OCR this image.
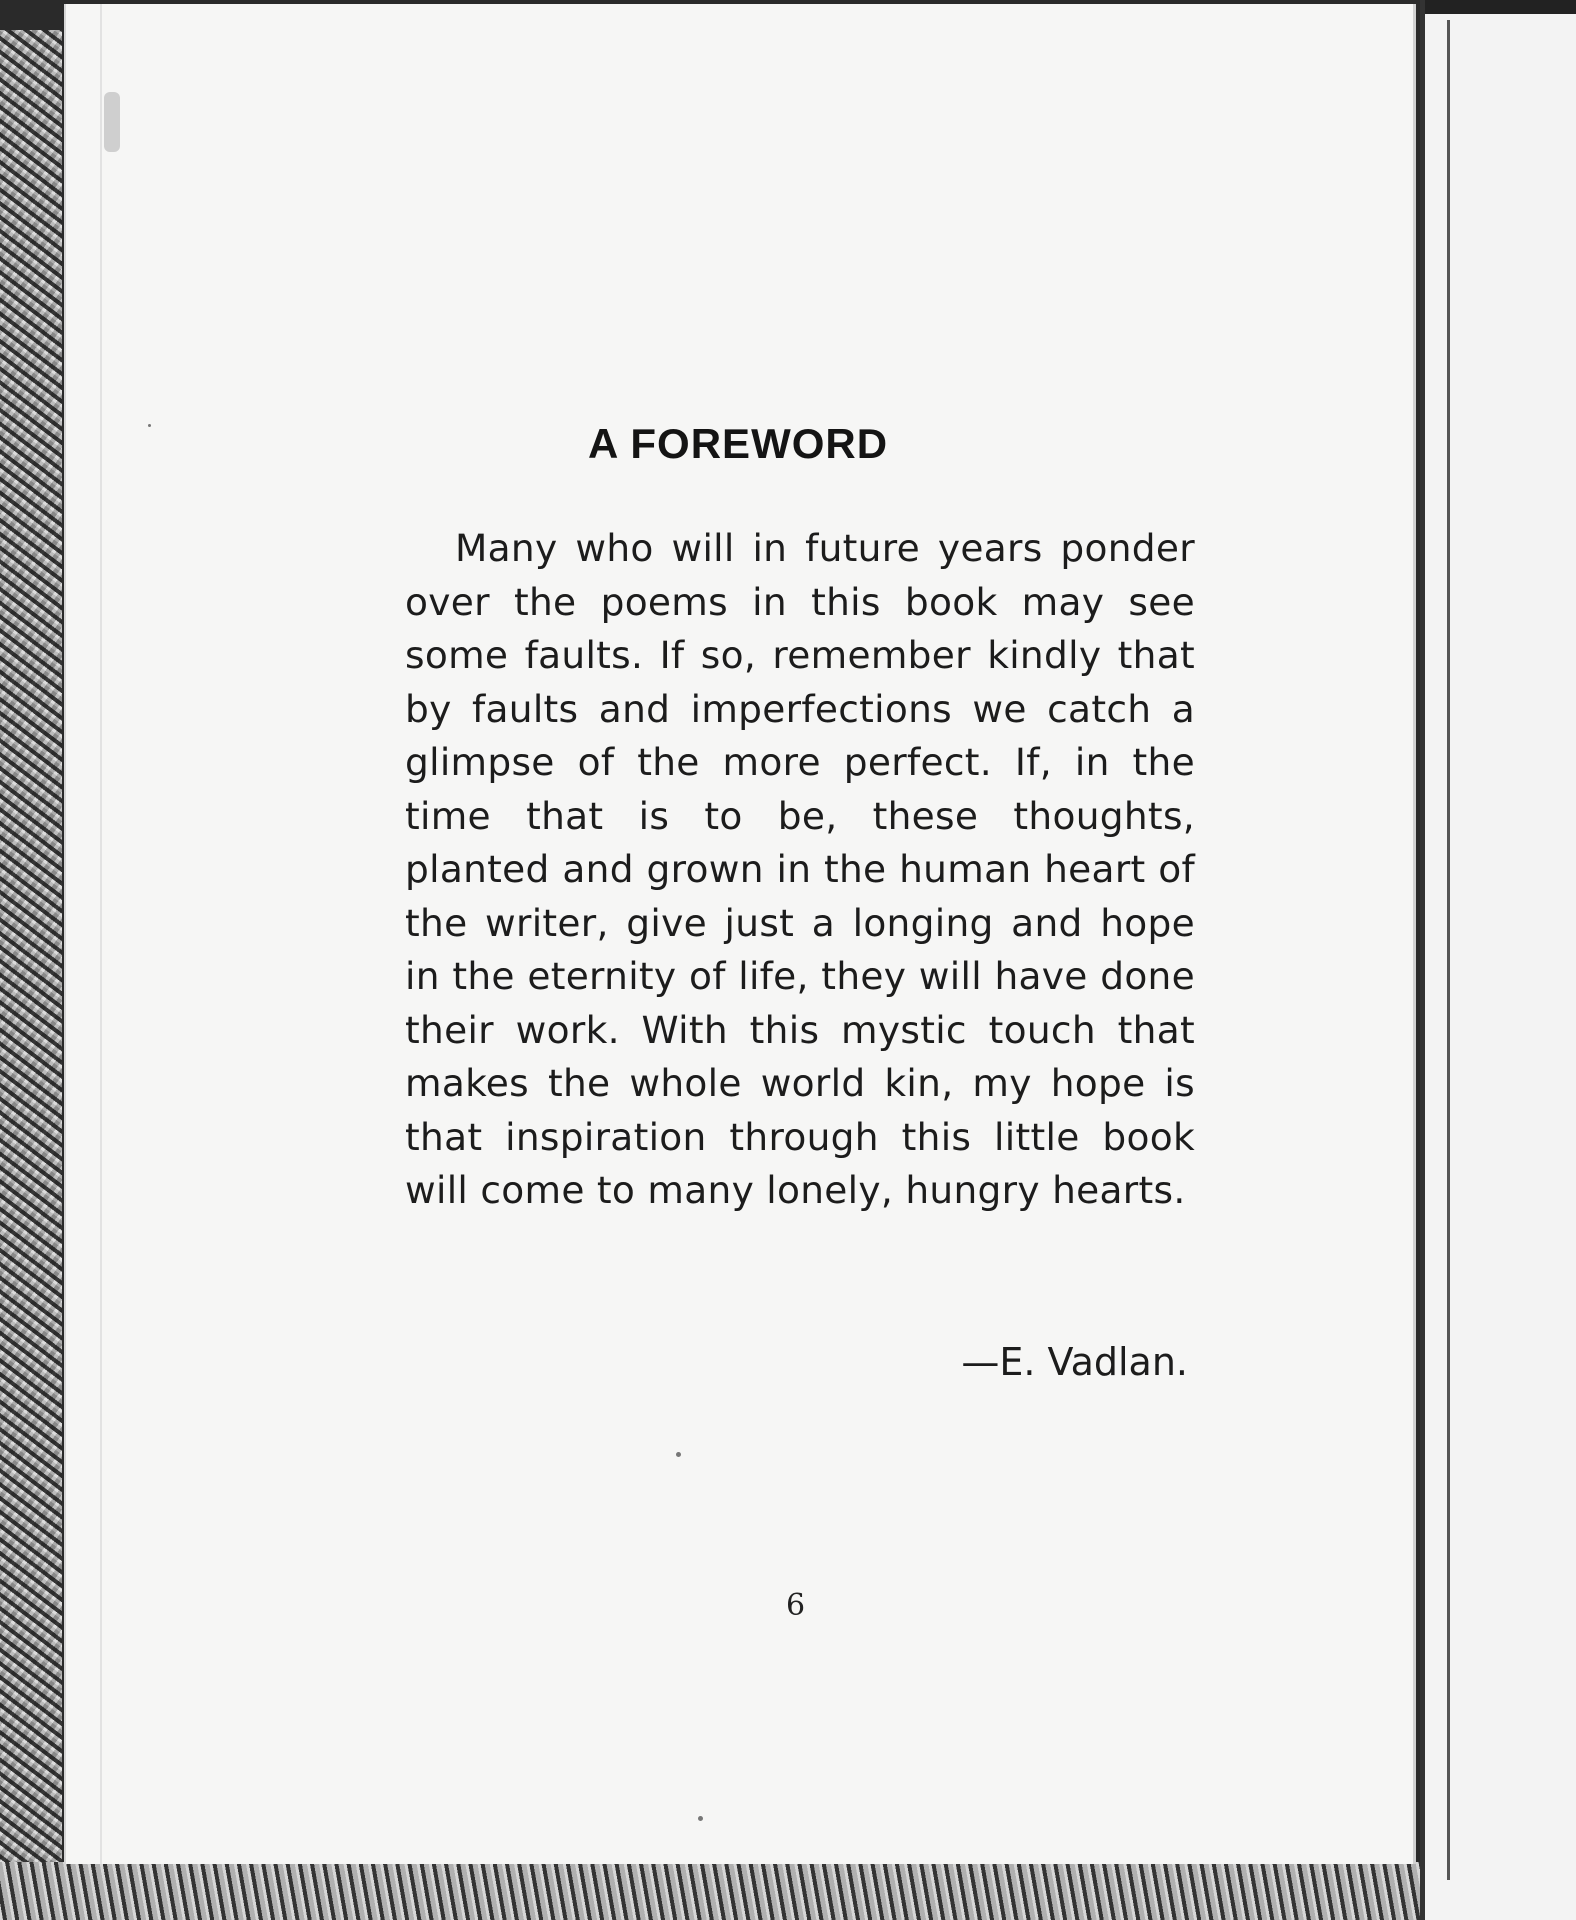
A FOREWORD

Many who will in future years ponder over the poems in this book may see some faults. If so, remember kindly that by faults and imperfections we catch a glimpse of the more perfect. If, in the time that is to be, these thoughts, planted and grown in the human heart of the writer, give just a longing and hope in the eternity of life, they will have done their work. With this mystic touch that makes the whole world kin, my hope is that inspiration through this little book will come to many lonely, hungry hearts.

—E. Vadlan.

6
